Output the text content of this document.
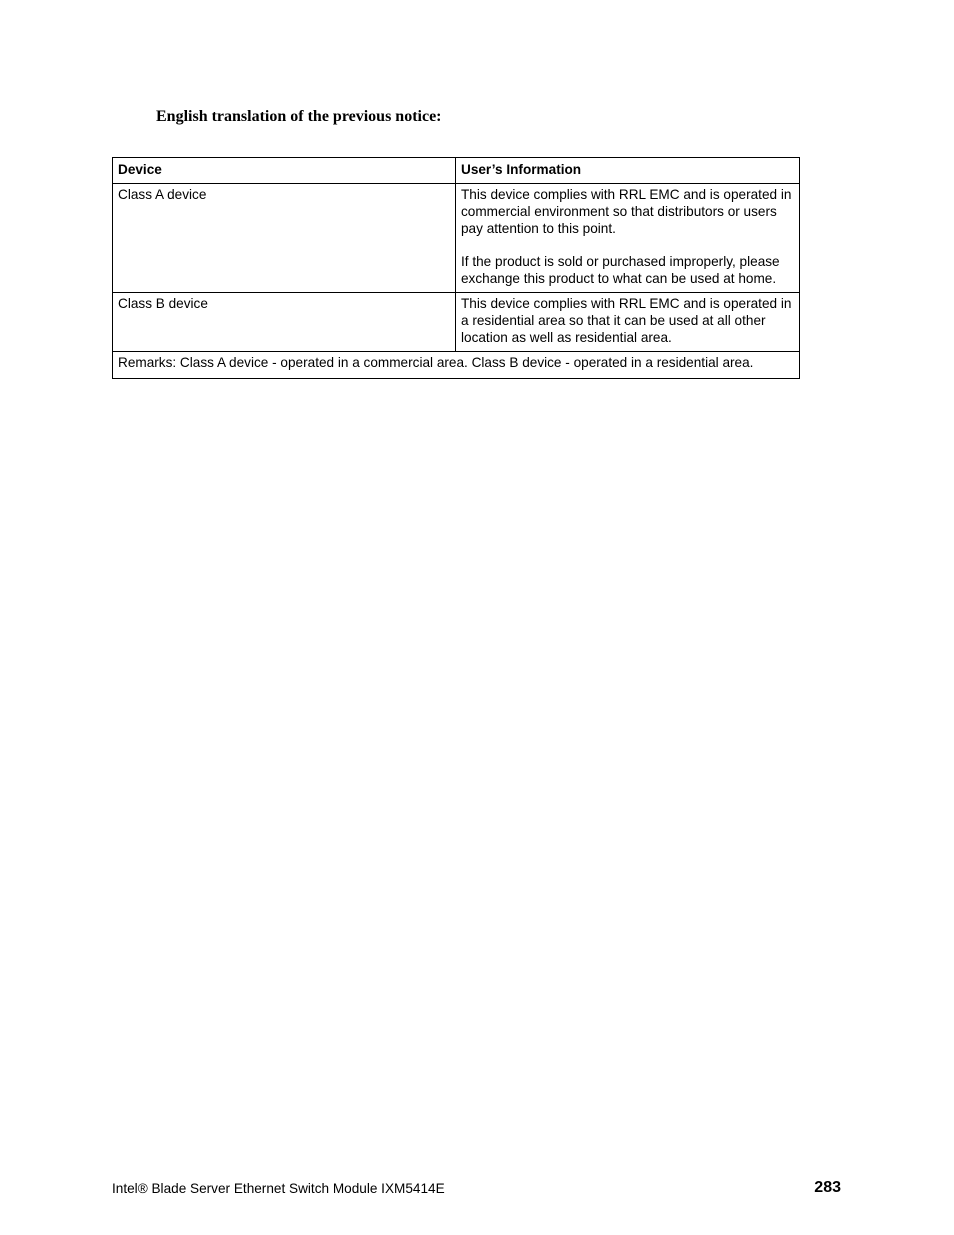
English translation of the previous notice:
Device	User’s Information
Class A device	This device complies with RRL EMC and is operated in commercial environment so that distributors or users pay attention to this point.

If the product is sold or purchased improperly, please exchange this product to what can be used at home.

Class B device	This device complies with RRL EMC and is operated in a residential area so that it can be used at all other location as well as residential area.

Remarks: Class A device - operated in a commercial area. Class B device - operated in a residential area.	
Intel® Blade Server Ethernet Switch Module IXM5414E	283
